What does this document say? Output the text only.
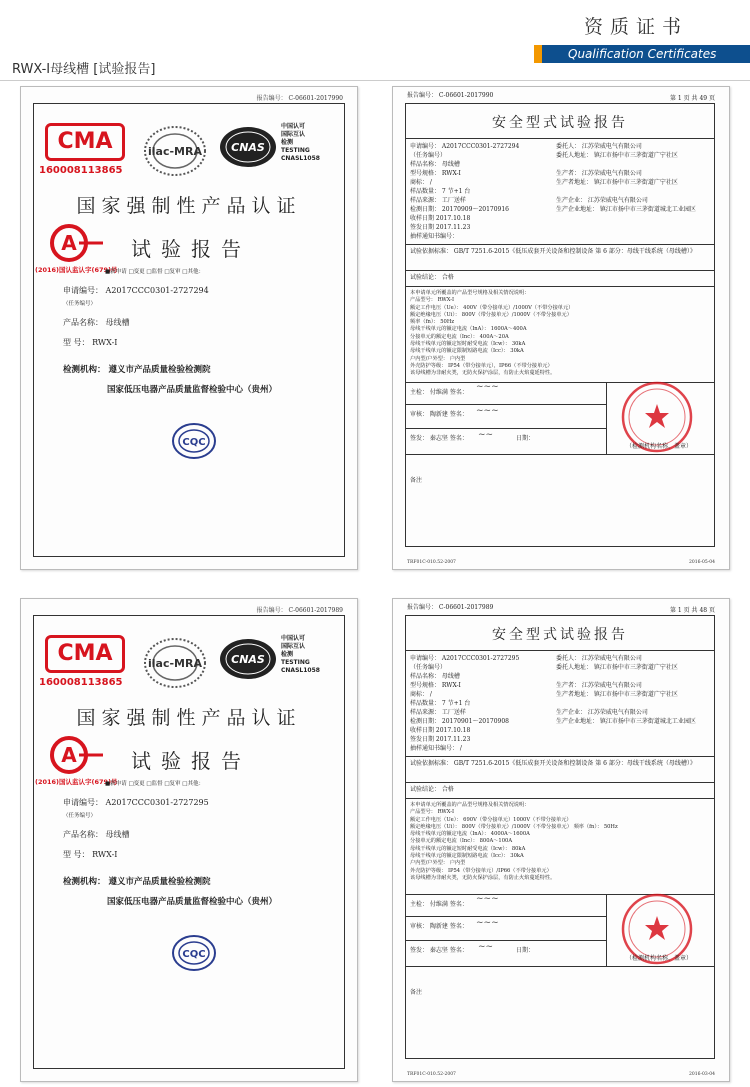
资质证书
Qualification Certificates
RWX-I母线槽 [试验报告]
报告编号： C-06601-2017990
CMA
160008113865
ilac-MRA	CNAS
中国认可
国际互认
检测
TESTING
CNASL1058
国家强制性产品认证
A
(2016)国认监认字(679)号
试验报告
■新申请 □变更 □监督 □复审 □其他：
申请编号： A2017CCC0301-2727294
（任务编号）
产品名称： 母线槽
型 号： RWX-I
检测机构： 遵义市产品质量检验检测院
国家低压电器产品质量监督检验中心（贵州）
CQC
报告编号： C-06601-2017990	第 1 页 共 49 页
安全型式试验报告
申请编号： A2017CCC0301-2727294
（任务编号）
样品名称： 母线槽
型号规格： RWX-I
商标： /
样品数量： 7 节+1 台
样品来源： 工厂送样
检测日期： 20170909～20170916
收样日期 2017.10.18
签发日期 2017.11.23
抽样通知书编号：
委托人： 江苏荣威电气有限公司
委托人地址： 镇江市扬中市三茅街道广宁社区
生产者： 江苏荣威电气有限公司
生产者地址： 镇江市扬中市三茅街道广宁社区
生产企业： 江苏荣威电气有限公司
生产企业地址： 镇江市扬中市三茅街道城北工业园区
试验依据标准： GB/T 7251.6-2015《低压成套开关设备和控制设备 第 6 部分：母线干线系统（母线槽）》
试验结论： 合格
本申请单元所覆盖的产品型号规格及相关情况说明：
产品型号： RWX-I
额定工作电压（Ue）： 400V（带分接单元）/1000V（不带分接单元）
额定绝缘电压（Ui）： 800V（带分接单元）/1000V（不带分接单元）
频率（fn）： 50Hz
母线干线单元的额定电流（InA）： 1600A～400A
分接单元的额定电流（Inc）： 400A～20A
母线干线单元的额定短时耐受电流（Icw）： 30kA
母线干线单元的额定限制短路电流（Icc）： 30kA
户内型/户外型： 户内型
外壳防护等级： IP54（带分接单元），IP66（不带分接单元）
该母线槽为非耐火类，无防火保护涂层，有防止火焰蔓延特性。
主检： 付维满 签名：
审核： 陶新建 签名：
签发： 秦志坚 签名：	日期：
~~~
~~~
~~
（检测机构名称、盖章）
备注
TRF01C-010.52-2007	2016-05-04
报告编号： C-06601-2017989
CMA
160008113865
ilac-MRA	CNAS
中国认可
国际互认
检测
TESTING
CNASL1058
国家强制性产品认证
A
(2016)国认监认字(679)号
试验报告
■新申请 □变更 □监督 □复审 □其他：
申请编号： A2017CCC0301-2727295
（任务编号）
产品名称： 母线槽
型 号： RWX-I
检测机构： 遵义市产品质量检验检测院
国家低压电器产品质量监督检验中心（贵州）
CQC
报告编号： C-06601-2017989	第 1 页 共 48 页
安全型式试验报告
申请编号： A2017CCC0301-2727295
（任务编号）
样品名称： 母线槽
型号规格： RWX-I
商标： /
样品数量： 7 节+1 台
样品来源： 工厂送样
检测日期： 20170901～20170908
收样日期 2017.10.18
签发日期 2017.11.23
抽样通知书编号： /
委托人： 江苏荣威电气有限公司
委托人地址： 镇江市扬中市三茅街道广宁社区
生产者： 江苏荣威电气有限公司
生产者地址： 镇江市扬中市三茅街道广宁社区
生产企业： 江苏荣威电气有限公司
生产企业地址： 镇江市扬中市三茅街道城北工业园区
试验依据标准： GB/T 7251.6-2015《低压成套开关设备和控制设备 第 6 部分：母线干线系统（母线槽）》
试验结论： 合格
本申请单元所覆盖的产品型号规格及相关情况说明：
产品型号： RWX-I
额定工作电压（Ue）： 690V（带分接单元）1000V（不带分接单元）
额定绝缘电压（Ui）： 800V（带分接单元）/1000V（不带分接单元） 频率（fn）： 50Hz
母线干线单元的额定电流（InA）： 4000A～1600A
分接单元的额定电流（Inc）： 800A～100A
母线干线单元的额定短时耐受电流（Icw）： 80kA
母线干线单元的额定限制短路电流（Icc）： 30kA
户内型/户外型： 户内型
外壳防护等级： IP54（带分接单元）/IP66（不带分接单元）
该母线槽为非耐火类，无防火保护涂层，有防止火焰蔓延特性。
主检： 付维满 签名：
审核： 陶新建 签名：
签发： 秦志坚 签名：	日期：
~~~
~~~
~~
（检测机构名称、盖章）
备注
TRF01C-010.52-2007	2016-03-04
